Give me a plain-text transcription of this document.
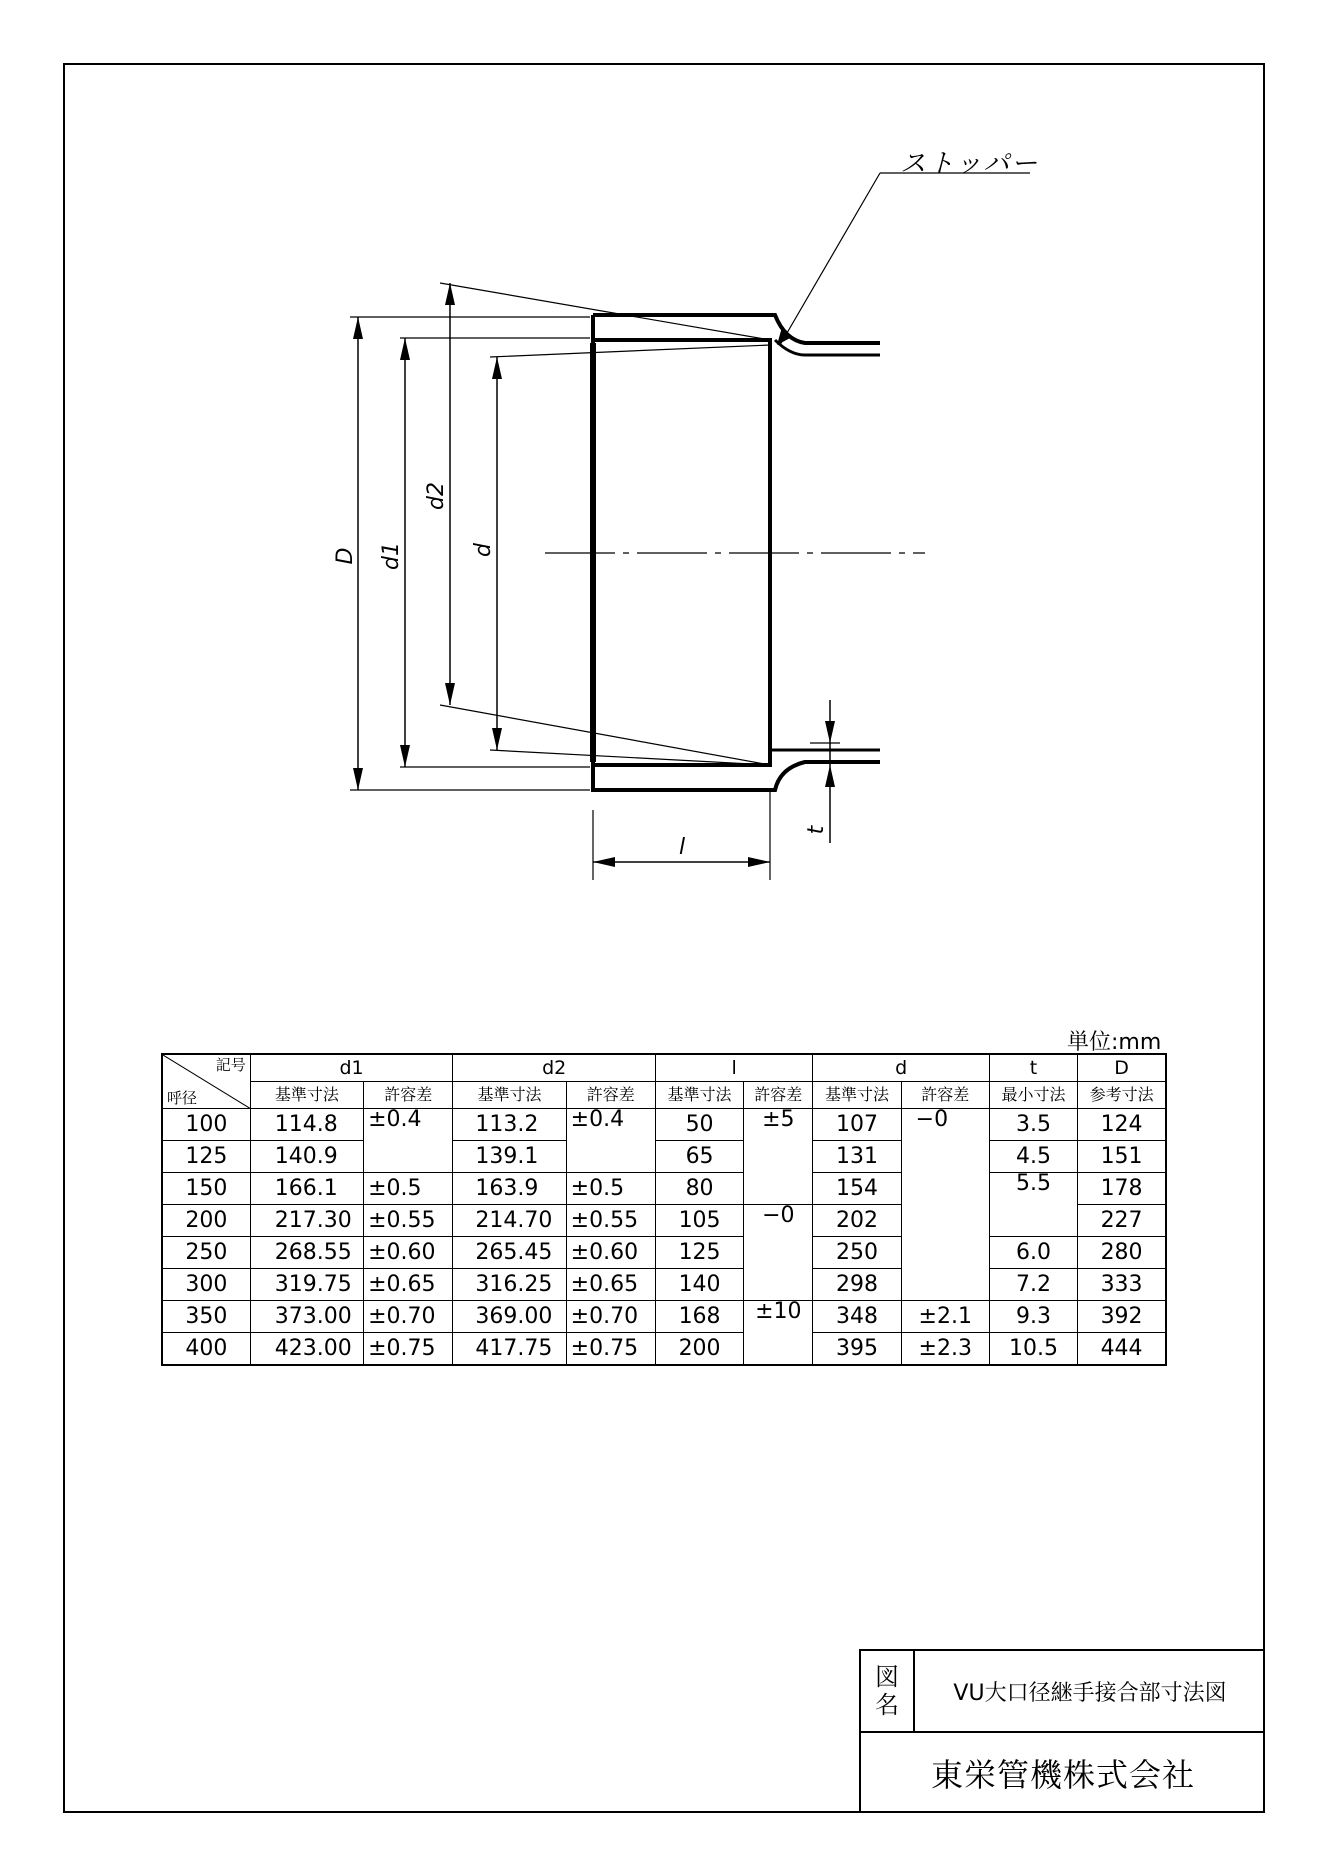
D d1
d2
d
l
t
ストッパー
単位:mm
記号
呼径	d1		d2		l		d		t	D
	基準寸法	許容差	基準寸法	許容差	基準寸法	許容差	基準寸法	許容差	最小寸法	参考寸法
100	114.8	±0.4	113.2	±0.4	50	±5	107	−0	3.5	124
125	140.9		139.1		65		131		4.5	151
150	166.1	±0.5	163.9	±0.5	80		154		5.5	178
200	217.30	±0.55	214.70	±0.55	105	−0	202			227
250	268.55	±0.60	265.45	±0.60	125		250		6.0	280
300	319.75	±0.65	316.25	±0.65	140		298		7.2	333
350	373.00	±0.70	369.00	±0.70	168	±10	348	±2.1	9.3	392
400	423.00	±0.75	417.75	±0.75	200		395	±2.3	10.5	444
図
名	VU大口径継手接合部寸法図
東栄管機株式会社
